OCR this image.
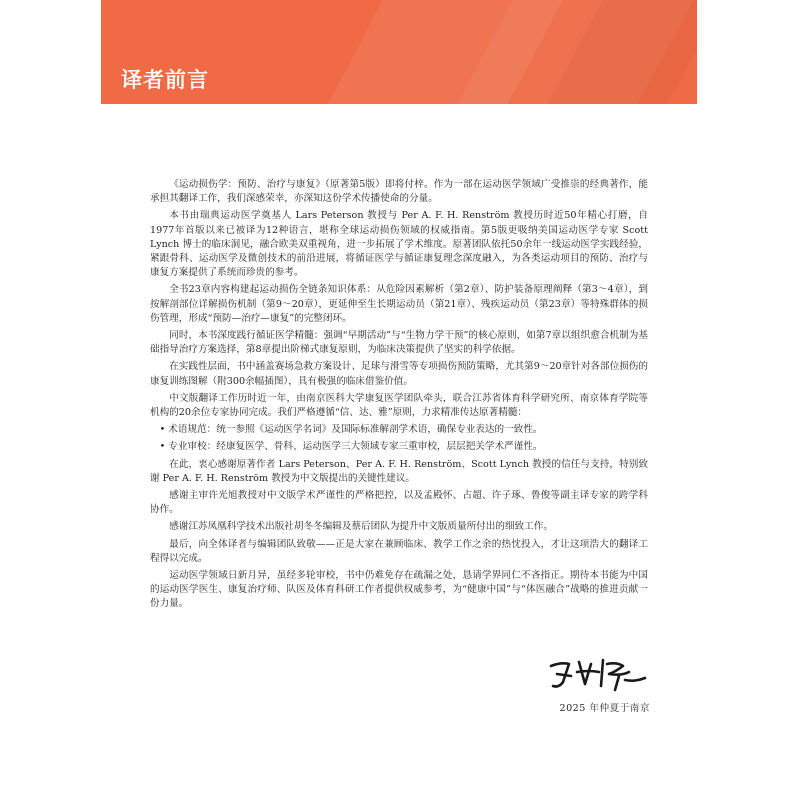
译者前言

《运动损伤学：预防、治疗与康复》（原著第5版）即将付梓。作为一部在运动医学领域广受推崇的经典著作，能承担其翻译工作，我们深感荣幸，亦深知这份学术传播使命的分量。

本书由瑞典运动医学奠基人 Lars Peterson 教授与 Per A. F. H. Renström 教授历时近50年精心打磨，自1977年首版以来已被译为12种语言，堪称全球运动损伤领域的权威指南。第5版更吸纳美国运动医学专家 Scott Lynch 博士的临床洞见，融合欧美双重视角，进一步拓展了学术维度。原著团队依托50余年一线运动医学实践经验，紧跟骨科、运动医学及微创技术的前沿进展，将循证医学与循证康复理念深度融入，为各类运动项目的预防、治疗与康复方案提供了系统而珍贵的参考。

全书23章内容构建起运动损伤全链条知识体系：从危险因素解析（第2章）、防护装备原理阐释（第3～4章），到按解剖部位详解损伤机制（第9～20章），更延伸至生长期运动员（第21章）、残疾运动员（第23章）等特殊群体的损伤管理，形成“预防—治疗—康复”的完整闭环。

同时，本书深度践行循证医学精髓：强调“早期活动”与“生物力学干预”的核心原则，如第7章以组织愈合机制为基础指导治疗方案选择，第8章提出阶梯式康复原则，为临床决策提供了坚实的科学依据。

在实践性层面，书中涵盖赛场急救方案设计、足球与滑雪等专项损伤预防策略，尤其第9～20章针对各部位损伤的康复训练图解（附300余幅插图），具有极强的临床借鉴价值。

中文版翻译工作历时近一年，由南京医科大学康复医学团队牵头，联合江苏省体育科学研究所、南京体育学院等机构的20余位专家协同完成。我们严格遵循“信、达、雅”原则，力求精准传达原著精髓：

• 术语规范：统一参照《运动医学名词》及国际标准解剖学术语，确保专业表达的一致性。

• 专业审校：经康复医学、骨科、运动医学三大领域专家三重审校，层层把关学术严谨性。

在此，衷心感谢原著作者 Lars Peterson、Per A. F. H. Renström、Scott Lynch 教授的信任与支持，特别致谢 Per A. F. H. Renström 教授为中文版提出的关键性建议。

感谢主审许光旭教授对中文版学术严谨性的严格把控，以及孟殿怀、占超、许子琢、鲁俊等副主译专家的跨学科协作。

感谢江苏凤凰科学技术出版社胡冬冬编辑及蔡后团队为提升中文版质量所付出的细致工作。

最后，向全体译者与编辑团队致敬——正是大家在兼顾临床、教学工作之余的热忱投入，才让这项浩大的翻译工程得以完成。

运动医学领域日新月异，虽经多轮审校，书中仍难免存在疏漏之处，恳请学界同仁不吝指正。期待本书能为中国的运动医学医生、康复治疗师、队医及体育科研工作者提供权威参考，为“健康中国”与“体医融合”战略的推进贡献一份力量。

2025 年仲夏于南京
